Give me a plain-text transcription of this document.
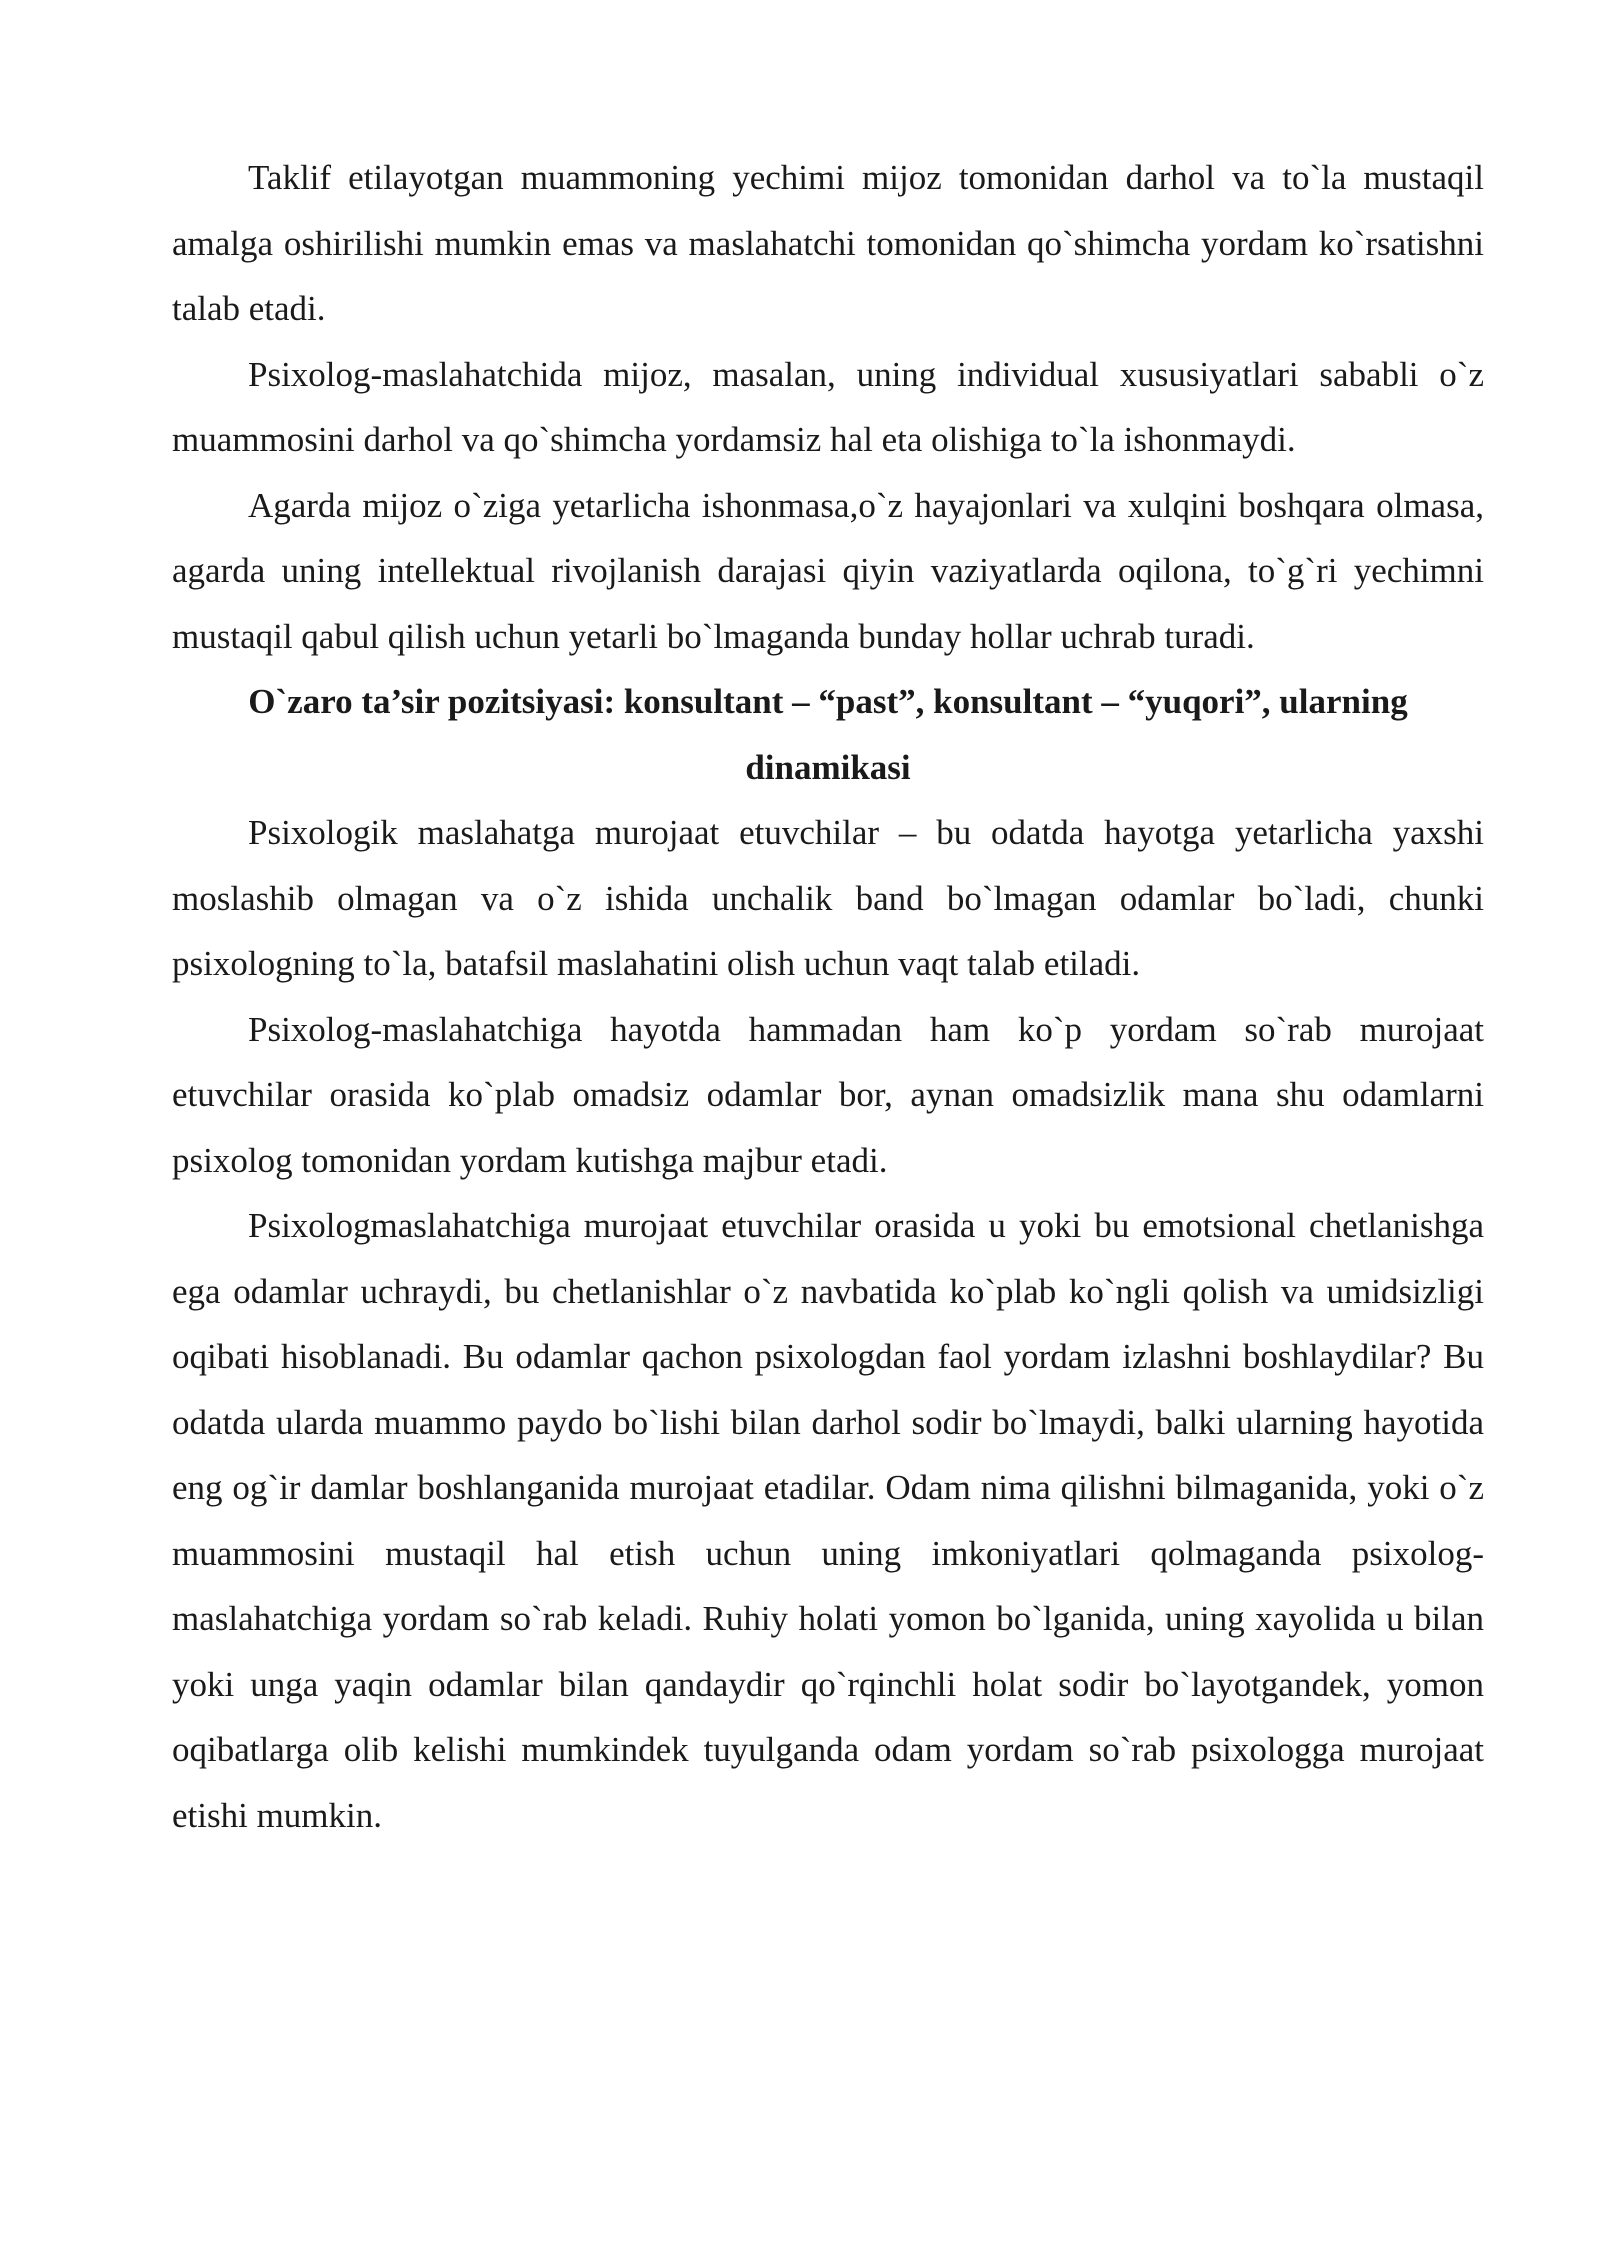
Taklif etilayotgan muammoning yechimi mijoz tomonidan darhol va to`la mustaqil amalga oshirilishi mumkin emas va maslahatchi tomonidan qo`shimcha yordam ko`rsatishni talab etadi.

Psixolog-maslahatchida mijoz, masalan, uning individual xususiyatlari sababli o`z muammosini darhol va qo`shimcha yordamsiz hal eta olishiga to`la ishonmaydi.

Agarda mijoz o`ziga yetarlicha ishonmasa,o`z hayajonlari va xulqini boshqara olmasa, agarda uning intellektual rivojlanish darajasi qiyin vaziyatlarda oqilona, to`g`ri yechimni mustaqil qabul qilish uchun yetarli bo`lmaganda bunday hollar uchrab turadi.

O`zaro ta’sir pozitsiyasi: konsultant – “past”, konsultant – “yuqori”, ularning dinamikasi

Psixologik maslahatga murojaat etuvchilar – bu odatda hayotga yetarlicha yaxshi moslashib olmagan va o`z ishida unchalik band bo`lmagan odamlar bo`ladi, chunki psixologning to`la, batafsil maslahatini olish uchun vaqt talab etiladi.

Psixolog-maslahatchiga hayotda hammadan ham ko`p yordam so`rab murojaat etuvchilar orasida ko`plab omadsiz odamlar bor, aynan omadsizlik mana shu odamlarni psixolog tomonidan yordam kutishga majbur etadi.

Psixologmaslahatchiga murojaat etuvchilar orasida u yoki bu emotsional chetlanishga ega odamlar uchraydi, bu chetlanishlar o`z navbatida ko`plab ko`ngli qolish va umidsizligi oqibati hisoblanadi. Bu odamlar qachon psixologdan faol yordam izlashni boshlaydilar? Bu odatda ularda muammo paydo bo`lishi bilan darhol sodir bo`lmaydi, balki ularning hayotida eng og`ir damlar boshlanganida murojaat etadilar. Odam nima qilishni bilmaganida, yoki o`z muammosini mustaqil hal etish uchun uning imkoniyatlari qolmaganda psixolog-maslahatchiga yordam so`rab keladi. Ruhiy holati yomon bo`lganida, uning xayolida u bilan yoki unga yaqin odamlar bilan qandaydir qo`rqinchli holat sodir bo`layotgandek, yomon oqibatlarga olib kelishi mumkindek tuyulganda odam yordam so`rab psixologga murojaat etishi mumkin.
